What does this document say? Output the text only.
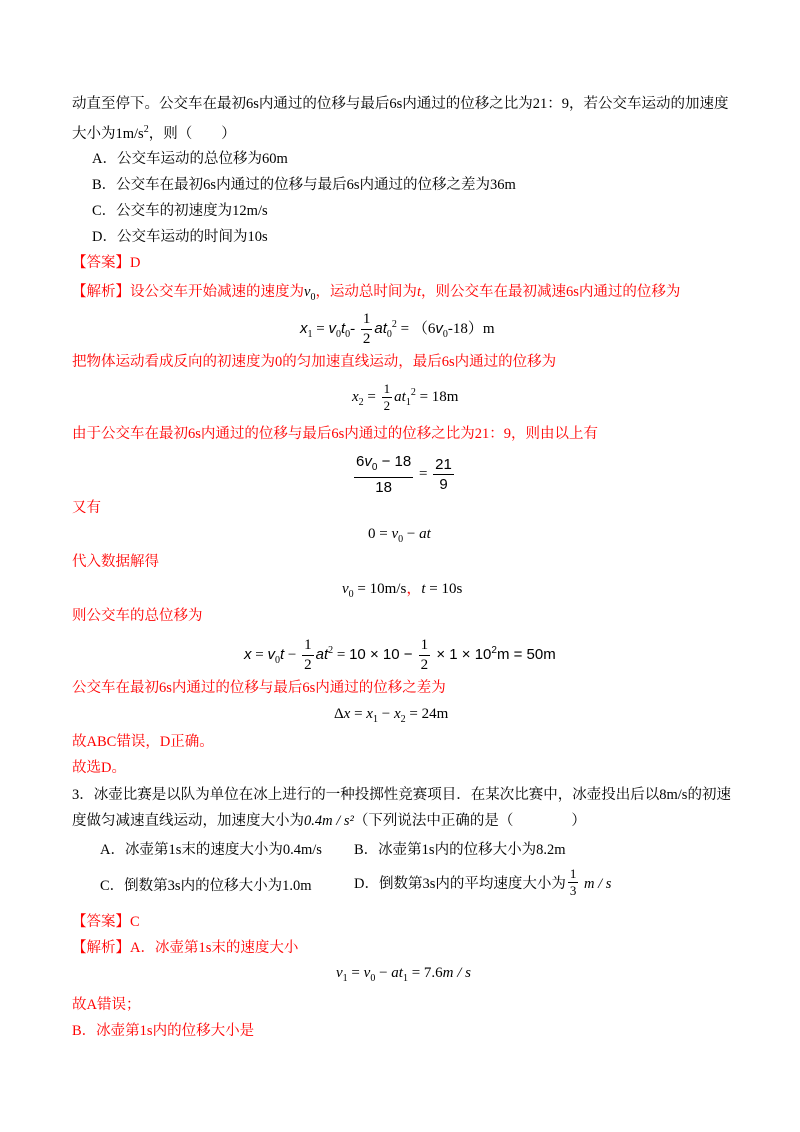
动直至停下。公交车在最初6s内通过的位移与最后6s内通过的位移之比为21：9，若公交车运动的加速度
大小为$1m/s^2$，则（　　）
A．公交车运动的总位移为60m
B．公交车在最初6s内通过的位移与最后6s内通过的位移之差为36m
C．公交车的初速度为12m/s
D．公交车运动的时间为10s
【答案】D
【解析】设公交车开始减速的速度为$v_0$，运动总时间为t，则公交车在最初减速6s内通过的位移为
$x_1 = v_0t_0- \frac{1}{2} at_0^2 = (6v_0-18)m$
把物体运动看成反向的初速度为0的匀加速直线运动，最后6s内通过的位移为
$x_2 = \frac{1}{2} at_1^2 = 18m$
由于公交车在最初6s内通过的位移与最后6s内通过的位移之比为21：9，则由以上有
$\frac{6v_0 - 18}{18} = \frac{21}{9}$
又有
$0 = v_0$ − at
代入数据解得
$v_0 = 10m/s$，t = 10s
则公交车的总位移为
$x = v_0t - \frac{1}{2} at^2 = 10 \times 10 - \frac{1}{2} \times 1 \times 10^2m = 50m$
公交车在最初6s内通过的位移与最后6s内通过的位移之差为
$\Delta x = x_1 - x_2 = 24m$
故ABC错误，D正确。
故选D。
3．冰壶比赛是以队为单位在冰上进行的一种投掷性竞赛项目．在某次比赛中，冰壶投出后以8m/s的初速
度做匀减速直线运动，加速度大小为0.4m / s²（下列说法中正确的是（　　　　）
A．冰壶第1s末的速度大小为0.4m/s B．冰壶第1s内的位移大小为8.2m
C．倒数第3s内的位移大小为1.0m	D．倒数第3s内的平均速度大小为 $\frac{1}{3}$ m / s
【答案】C
【解析】A．冰壶第1s末的速度大小
$v_1 = v_0 - at_1 = 7.6m / s$
故A错误；
B．冰壶第1s内的位移大小是
